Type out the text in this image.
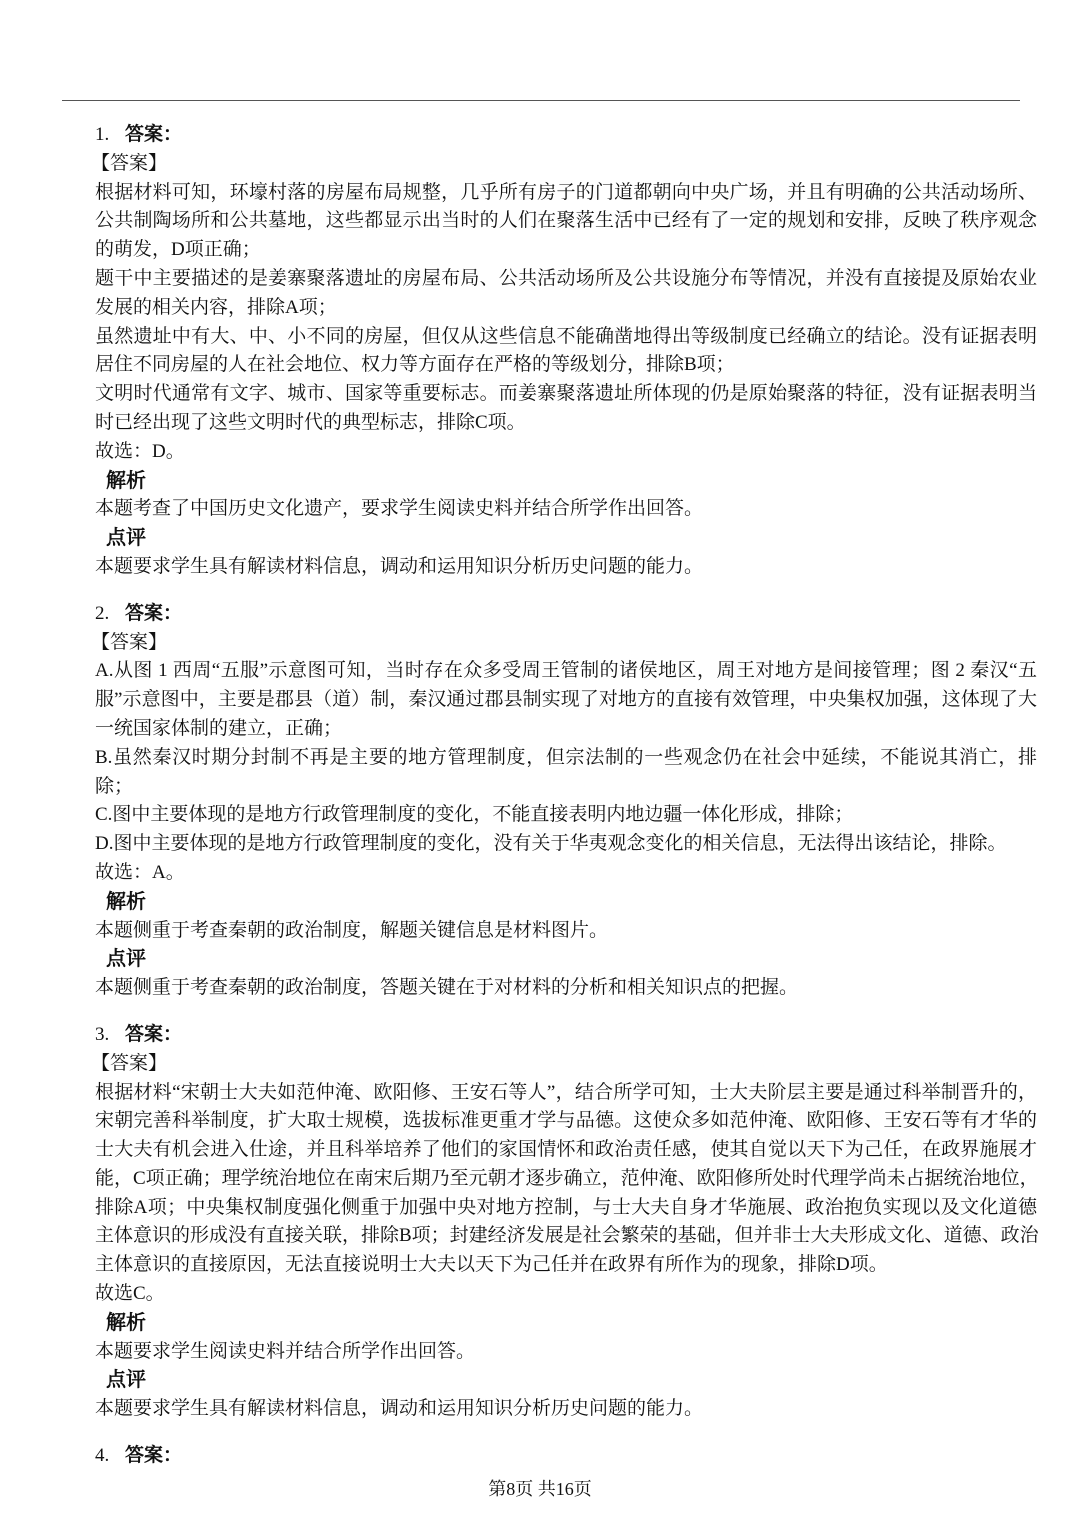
1. 答案：
【答案】
根据材料可知，环壕村落的房屋布局规整，几乎所有房子的门道都朝向中央广场，并且有明确的公共活动场所、
公共制陶场所和公共墓地，这些都显示出当时的人们在聚落生活中已经有了一定的规划和安排，反映了秩序观念
的萌发，D项正确；
题干中主要描述的是姜寨聚落遗址的房屋布局、公共活动场所及公共设施分布等情况，并没有直接提及原始农业
发展的相关内容，排除A项；
虽然遗址中有大、中、小不同的房屋，但仅从这些信息不能确凿地得出等级制度已经确立的结论。没有证据表明
居住不同房屋的人在社会地位、权力等方面存在严格的等级划分，排除B项；
文明时代通常有文字、城市、国家等重要标志。而姜寨聚落遗址所体现的仍是原始聚落的特征，没有证据表明当
时已经出现了这些文明时代的典型标志，排除C项。
故选：D。
解析
本题考查了中国历史文化遗产，要求学生阅读史料并结合所学作出回答。
点评
本题要求学生具有解读材料信息，调动和运用知识分析历史问题的能力。
2. 答案：
【答案】
A.从图 1 西周“五服”示意图可知，当时存在众多受周王管制的诸侯地区，周王对地方是间接管理；图 2 秦汉“五
服”示意图中，主要是郡县（道）制，秦汉通过郡县制实现了对地方的直接有效管理，中央集权加强，这体现了大
一统国家体制的建立，正确；
B.虽然秦汉时期分封制不再是主要的地方管理制度，但宗法制的一些观念仍在社会中延续，不能说其消亡，排
除；
C.图中主要体现的是地方行政管理制度的变化，不能直接表明内地边疆一体化形成，排除；
D.图中主要体现的是地方行政管理制度的变化，没有关于华夷观念变化的相关信息，无法得出该结论，排除。
故选：A。
解析
本题侧重于考查秦朝的政治制度，解题关键信息是材料图片。
点评
本题侧重于考查秦朝的政治制度，答题关键在于对材料的分析和相关知识点的把握。
3. 答案：
【答案】
根据材料“宋朝士大夫如范仲淹、欧阳修、王安石等人”，结合所学可知，士大夫阶层主要是通过科举制晋升的，
宋朝完善科举制度，扩大取士规模，选拔标准更重才学与品德。这使众多如范仲淹、欧阳修、王安石等有才华的
士大夫有机会进入仕途，并且科举培养了他们的家国情怀和政治责任感，使其自觉以天下为己任，在政界施展才
能，C项正确；理学统治地位在南宋后期乃至元朝才逐步确立，范仲淹、欧阳修所处时代理学尚未占据统治地位，
排除A项；中央集权制度强化侧重于加强中央对地方控制，与士大夫自身才华施展、政治抱负实现以及文化道德
主体意识的形成没有直接关联，排除B项；封建经济发展是社会繁荣的基础，但并非士大夫形成文化、道德、政治
主体意识的直接原因，无法直接说明士大夫以天下为己任并在政界有所作为的现象，排除D项。
故选C。
解析
本题要求学生阅读史料并结合所学作出回答。
点评
本题要求学生具有解读材料信息，调动和运用知识分析历史问题的能力。
4. 答案：
第8页 共16页
